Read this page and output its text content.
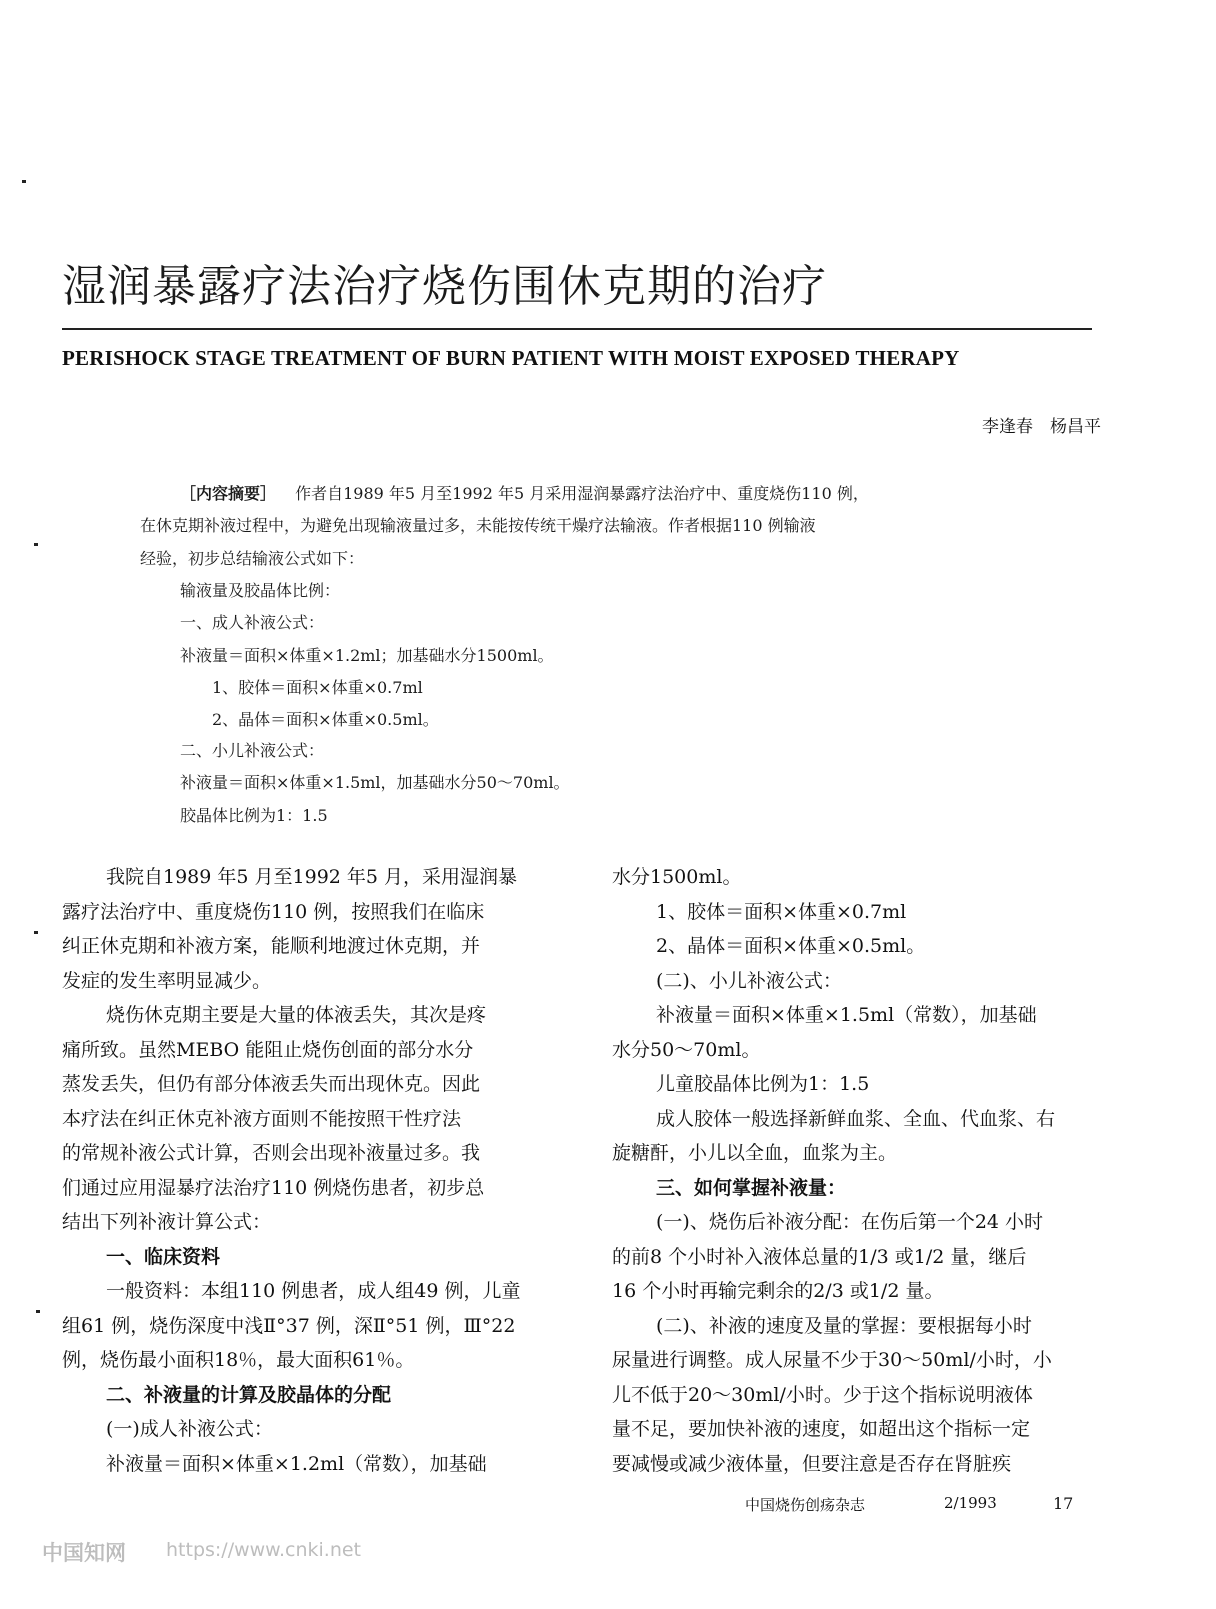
湿润暴露疗法治疗烧伤围休克期的治疗
PERISHOCK STAGE TREATMENT OF BURN PATIENT WITH MOIST EXPOSED THERAPY
李逢春　杨昌平
［内容摘要］ 作者自1989 年5 月至1992 年5 月采用湿润暴露疗法治疗中、重度烧伤110 例，
在休克期补液过程中，为避免出现输液量过多，未能按传统干燥疗法输液。作者根据110 例输液
经验，初步总结输液公式如下：
输液量及胶晶体比例：
一、成人补液公式：
补液量＝面积×体重×1.2ml；加基础水分1500ml。
1、胶体＝面积×体重×0.7ml
2、晶体＝面积×体重×0.5ml。
二、小儿补液公式：
补液量＝面积×体重×1.5ml，加基础水分50～70ml。
胶晶体比例为1：1.5

我院自1989 年5 月至1992 年5 月，采用湿润暴

露疗法治疗中、重度烧伤110 例，按照我们在临床

纠正休克期和补液方案，能顺利地渡过休克期，并

发症的发生率明显减少。

烧伤休克期主要是大量的体液丢失，其次是疼

痛所致。虽然MEBO 能阻止烧伤创面的部分水分

蒸发丢失，但仍有部分体液丢失而出现休克。因此

本疗法在纠正休克补液方面则不能按照干性疗法

的常规补液公式计算，否则会出现补液量过多。我

们通过应用湿暴疗法治疗110 例烧伤患者，初步总

结出下列补液计算公式：

一、临床资料

一般资料：本组110 例患者，成人组49 例，儿童

组61 例，烧伤深度中浅Ⅱ°37 例，深Ⅱ°51 例，Ⅲ°22

例，烧伤最小面积18％，最大面积61％。

二、补液量的计算及胶晶体的分配

(一)成人补液公式：

补液量＝面积×体重×1.2ml（常数），加基础

水分1500ml。

1、胶体＝面积×体重×0.7ml

2、晶体＝面积×体重×0.5ml。

(二)、小儿补液公式：

补液量＝面积×体重×1.5ml（常数），加基础

水分50～70ml。

儿童胶晶体比例为1：1.5

成人胶体一般选择新鲜血浆、全血、代血浆、右

旋糖酐，小儿以全血，血浆为主。

三、如何掌握补液量：

(一)、烧伤后补液分配：在伤后第一个24 小时

的前8 个小时补入液体总量的1/3 或1/2 量，继后

16 个小时再输完剩余的2/3 或1/2 量。

(二)、补液的速度及量的掌握：要根据每小时

尿量进行调整。成人尿量不少于30～50ml/小时，小

儿不低于20～30ml/小时。少于这个指标说明液体

量不足，要加快补液的速度，如超出这个指标一定

要减慢或减少液体量，但要注意是否存在肾脏疾

中国烧伤创疡杂志	2/1993	17
中国知网 https://www.cnki.net
